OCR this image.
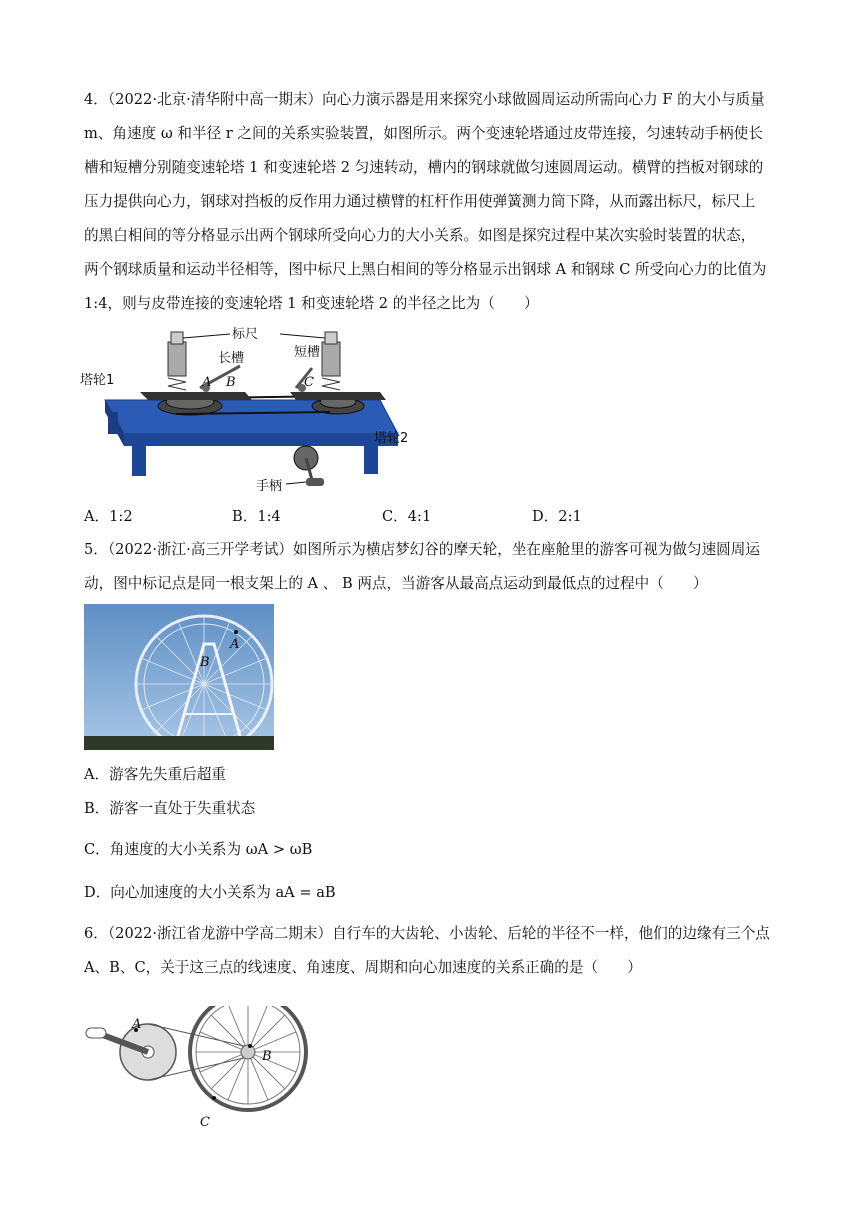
4．（2022·北京·清华附中高一期末）向心力演示器是用来探究小球做圆周运动所需向心力 F 的大小与质量
m、角速度 ω 和半径 r 之间的关系实验装置，如图所示。两个变速轮塔通过皮带连接，匀速转动手柄使长
槽和短槽分别随变速轮塔 1 和变速轮塔 2 匀速转动，槽内的钢球就做匀速圆周运动。横臂的挡板对钢球的
压力提供向心力，钢球对挡板的反作用力通过横臂的杠杆作用使弹簧测力筒下降，从而露出标尺，标尺上
的黑白相间的等分格显示出两个钢球所受向心力的大小关系。如图是探究过程中某次实验时装置的状态，
两个钢球质量和运动半径相等，图中标尺上黑白相间的等分格显示出钢球 A 和钢球 C 所受向心力的比值为
1:4，则与皮带连接的变速轮塔 1 和变速轮塔 2 的半径之比为（　　）
标尺
长槽	短槽
塔轮1
塔轮2
手柄
A B	C
A．1:2	B．1:4	C．4:1	D．2:1
5．（2022·浙江·高三开学考试）如图所示为横店梦幻谷的摩天轮，坐在座舱里的游客可视为做匀速圆周运
动，图中标记点是同一根支架上的 A 、 B 两点，当游客从最高点运动到最低点的过程中（　　）
A
B
A．游客先失重后超重
B．游客一直处于失重状态
C．角速度的大小关系为 ωA > ωB
D．向心加速度的大小关系为 aA = aB
6．（2022·浙江省龙游中学高二期末）自行车的大齿轮、小齿轮、后轮的半径不一样，他们的边缘有三个点
A、B、C，关于这三点的线速度、角速度、周期和向心加速度的关系正确的是（　　）
A
B
C
